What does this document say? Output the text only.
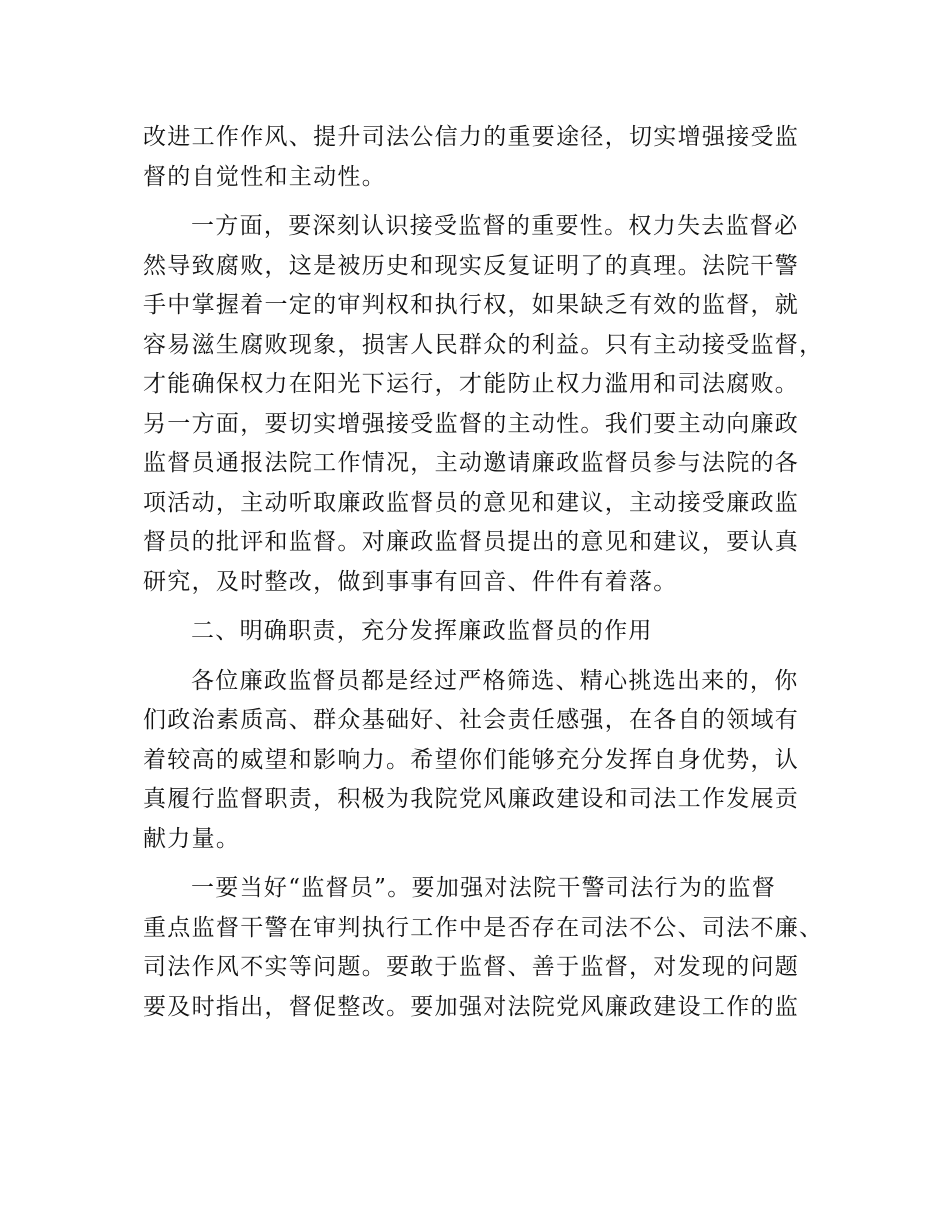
改进工作作风、提升司法公信力的重要途径，切实增强接受监
督的自觉性和主动性。
一方面，要深刻认识接受监督的重要性。权力失去监督必
然导致腐败，这是被历史和现实反复证明了的真理。法院干警
手中掌握着一定的审判权和执行权，如果缺乏有效的监督，就
容易滋生腐败现象，损害人民群众的利益。只有主动接受监督，
才能确保权力在阳光下运行，才能防止权力滥用和司法腐败。
另一方面，要切实增强接受监督的主动性。我们要主动向廉政
监督员通报法院工作情况，主动邀请廉政监督员参与法院的各
项活动，主动听取廉政监督员的意见和建议，主动接受廉政监
督员的批评和监督。对廉政监督员提出的意见和建议，要认真
研究，及时整改，做到事事有回音、件件有着落。
二、明确职责，充分发挥廉政监督员的作用
各位廉政监督员都是经过严格筛选、精心挑选出来的，你
们政治素质高、群众基础好、社会责任感强，在各自的领域有
着较高的威望和影响力。希望你们能够充分发挥自身优势，认
真履行监督职责，积极为我院党风廉政建设和司法工作发展贡
献力量。
一要当好“监督员”。要加强对法院干警司法行为的监督
重点监督干警在审判执行工作中是否存在司法不公、司法不廉、
司法作风不实等问题。要敢于监督、善于监督，对发现的问题
要及时指出，督促整改。要加强对法院党风廉政建设工作的监
